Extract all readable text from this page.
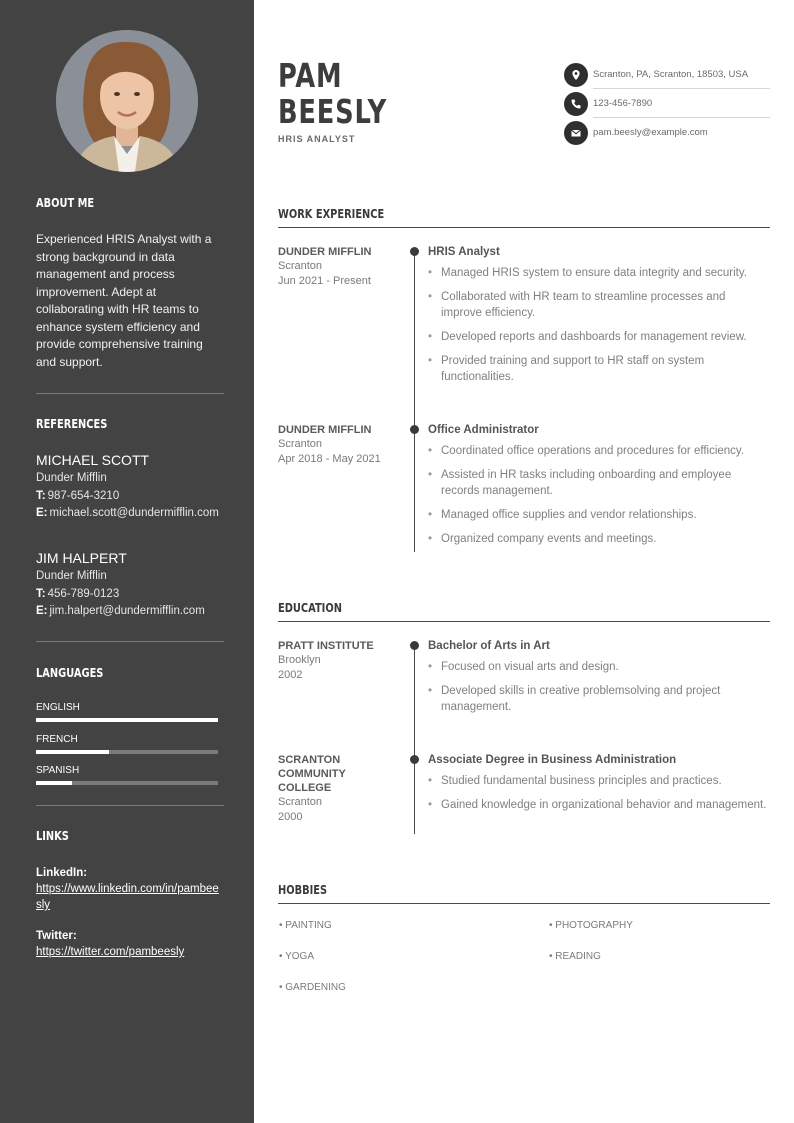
ABOUT ME
Experienced HRIS Analyst with a strong background in data management and process improvement. Adept at collaborating with HR teams to enhance system efficiency and provide comprehensive training and support.
REFERENCES
MICHAEL SCOTT
Dunder Mifflin
T: 987-654-3210
E: michael.scott@dundermifflin.com
JIM HALPERT
Dunder Mifflin
T: 456-789-0123
E: jim.halpert@dundermifflin.com
LANGUAGES
ENGLISH
FRENCH
SPANISH
LINKS
LinkedIn:
https://www.linkedin.com/in/pambeesly
Twitter:
https://twitter.com/pambeesly
PAM
BEESLY
HRIS ANALYST
Scranton, PA, Scranton, 18503, USA
123-456-7890
pam.beesly@example.com
WORK EXPERIENCE
DUNDER MIFFLIN
Scranton
Jun 2021 - Present
HRIS Analyst
• Managed HRIS system to ensure data integrity and security.
• Collaborated with HR team to streamline processes and improve efficiency.
• Developed reports and dashboards for management review.
• Provided training and support to HR staff on system functionalities.
DUNDER MIFFLIN
Scranton
Apr 2018 - May 2021
Office Administrator
• Coordinated office operations and procedures for efficiency.
• Assisted in HR tasks including onboarding and employee records management.
• Managed office supplies and vendor relationships.
• Organized company events and meetings.
EDUCATION
PRATT INSTITUTE
Brooklyn
2002
Bachelor of Arts in Art
• Focused on visual arts and design.
• Developed skills in creative problemsolving and project management.
SCRANTON COMMUNITY COLLEGE
Scranton
2000
Associate Degree in Business Administration
• Studied fundamental business principles and practices.
• Gained knowledge in organizational behavior and management.
HOBBIES
• PAINTING	• PHOTOGRAPHY
• YOGA	• READING
• GARDENING
